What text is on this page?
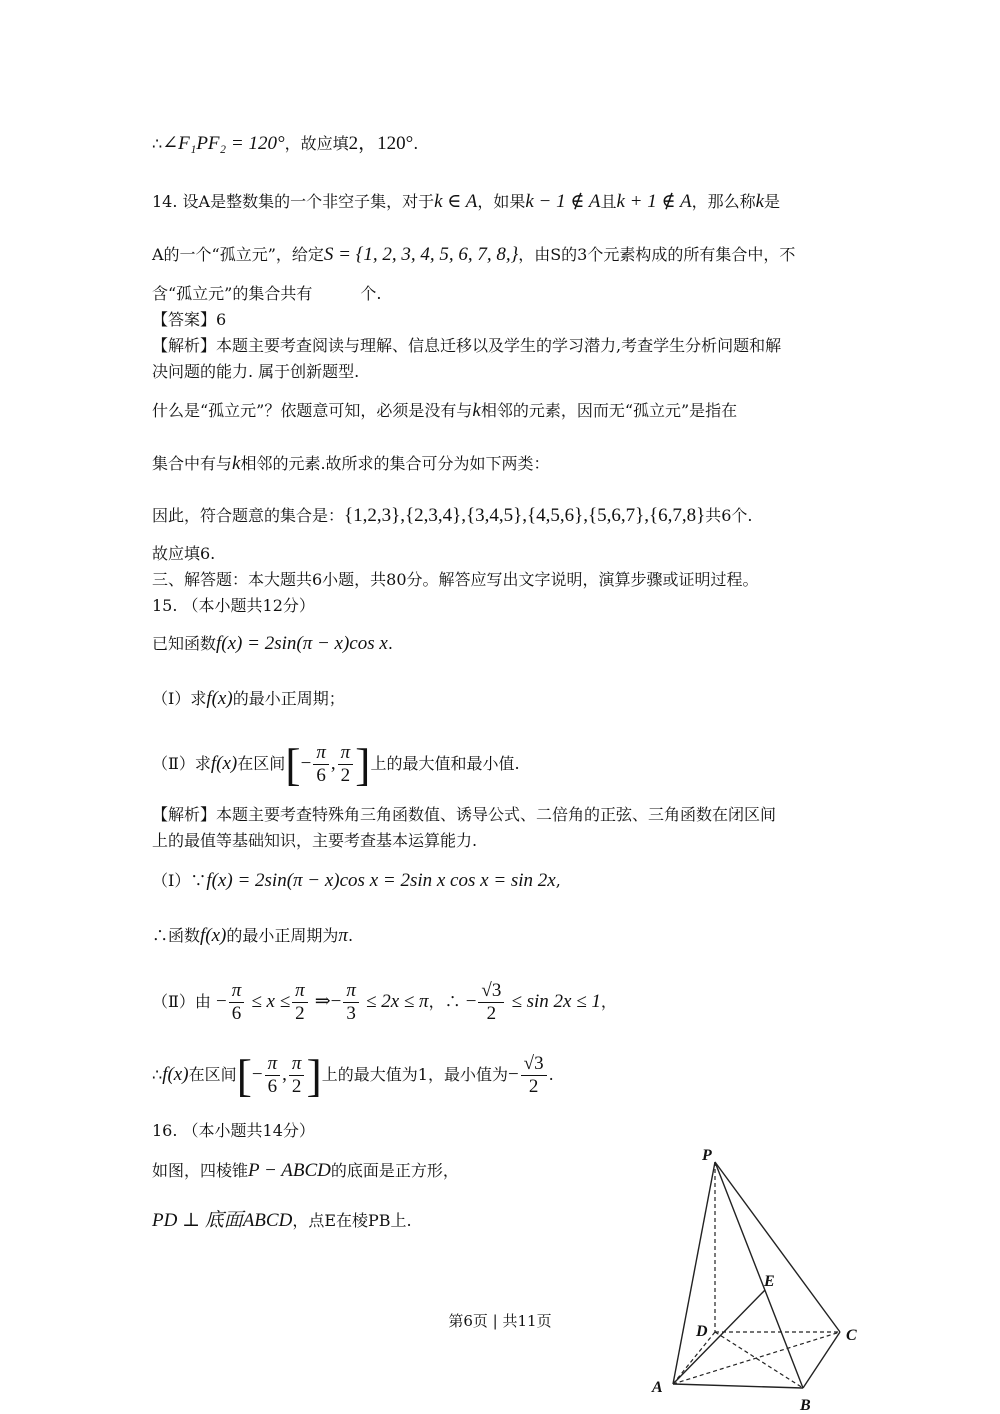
∴∠F₁PF₂ = 120°，故应填2，120°.
14. 设A是整数集的一个非空子集，对于k ∈ A，如果k − 1 ∉ A且k + 1 ∉ A，那么称k是
A的一个“孤立元”，给定S = {1, 2, 3, 4, 5, 6, 7, 8,}，由S的3个元素构成的所有集合中，不
含“孤立元”的集合共有　　　个.
【答案】6
【解析】本题主要考查阅读与理解、信息迁移以及学生的学习潜力,考查学生分析问题和解
决问题的能力. 属于创新题型.
什么是“孤立元”？依题意可知，必须是没有与k相邻的元素，因而无“孤立元”是指在
集合中有与k相邻的元素.故所求的集合可分为如下两类：
因此，符合题意的集合是：{1,2,3},{2,3,4},{3,4,5},{4,5,6},{5,6,7},{6,7,8}共6个.
故应填6.
三、解答题：本大题共6小题，共80分。解答应写出文字说明，演算步骤或证明过程。
15. （本小题共12分）
已知函数f(x) = 2sin(π − x)cos x.
（Ⅰ）求f(x)的最小正周期；
（Ⅱ）求f(x)在区间[− $\frac{\pi}{6}$ , $\frac{\pi}{2}$ ]上的最大值和最小值.
【解析】本题主要考查特殊角三角函数值、诱导公式、二倍角的正弦、三角函数在闭区间
上的最值等基础知识，主要考查基本运算能力.
（Ⅰ）∵f(x) = 2sin(π − x)cos x = 2sin x cos x = sin 2x,
∴函数f(x)的最小正周期为π.
（Ⅱ）由 − $\frac{\pi}{6} \le x \le \frac{\pi}{2}$ ⇒− $\frac{\pi}{3} \le 2x \le \pi$，∴ − $\frac{√3}{2} \le \sin 2x \le 1$，
∴f(x)在区间[− $\frac{\pi}{6}$ , $\frac{\pi}{2}$ ]上的最大值为1，最小值为− $\frac{√3}{2}$ .
16. （本小题共14分）
如图，四棱锥P − ABCD的底面是正方形，
PD ⊥ 底面ABCD，点E在棱PB上.
P
E
D	C
A
B
第6页 | 共11页
